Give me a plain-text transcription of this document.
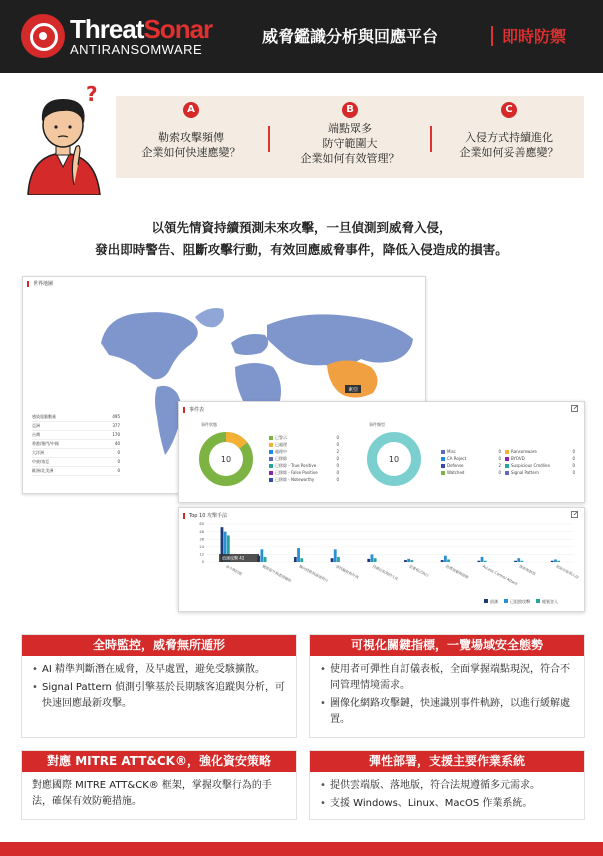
ThreatSonar
ANTIRANSOMWARE
威脅鑑識分析與回應平台	即時防禦
?
A
勒索攻擊頻傳
企業如何快速應變？
B
端點眾多
防守範圍大
企業如何有效管理？
C
入侵方式持續進化
企業如何妥善應變？
以領先情資持續預測未來攻擊，一旦偵測到威脅入侵，
發出即時警告、阻斷攻擊行動，有效回應威脅事件，降低入侵造成的損害。
世界地圖
東亞
感染電腦數量	495
亞洲	377
台灣	170
香港/澳門/中國	40
大洋洲	0
中東/南亞	0
歐洲/北美洲	0
事件表
事件狀態
10
已警示	0
已處理	0
處理中	2
已移除	0
已移除 - True Positive	0
已移除 - False Positive	0
已移除 - Noteworthy	0
事件類型
10
Misc	0
CA Reject	0
Defense	2
Watched	0
Ransomware	0
BYOVD	0
Suspicious Cmdline	0
Signal Pattern	0
Top 10 攻擊手法
60
48
36
24
12
0
命令與控制	權限提升與憑證竊取 橫向移動與遠端執行 資料竊取與外洩	持續存取與持久化	惡意程式執行	防禦規避與隱匿	Access Control Attack 探索與偵察	初始存取與入侵
偵測攻擊 42
偵測	已阻擋攻擊	帳號登入
全時監控，威脅無所遁形
• AI 精準判斷潛在威脅，及早處置，避免受駭擴散。
• Signal Pattern 偵測引擎基於長期駭客追蹤與分析，可快速回應最新攻擊。
可視化關鍵指標，一覽場域安全態勢
• 使用者可彈性自訂儀表板，全面掌握端點現況，符合不同管理情境需求。
• 圖像化網路攻擊鏈，快速識別事件軌跡，以進行緩解處置。
對應 MITRE ATT&CK®，強化資安策略

對應國際 MITRE ATT&CK® 框架，掌握攻擊行為的手法，確保有效防範措施。

彈性部署，支援主要作業系統
• 提供雲端版、落地版，符合法規遵循多元需求。
• 支援 Windows、Linux、MacOS 作業系統。
